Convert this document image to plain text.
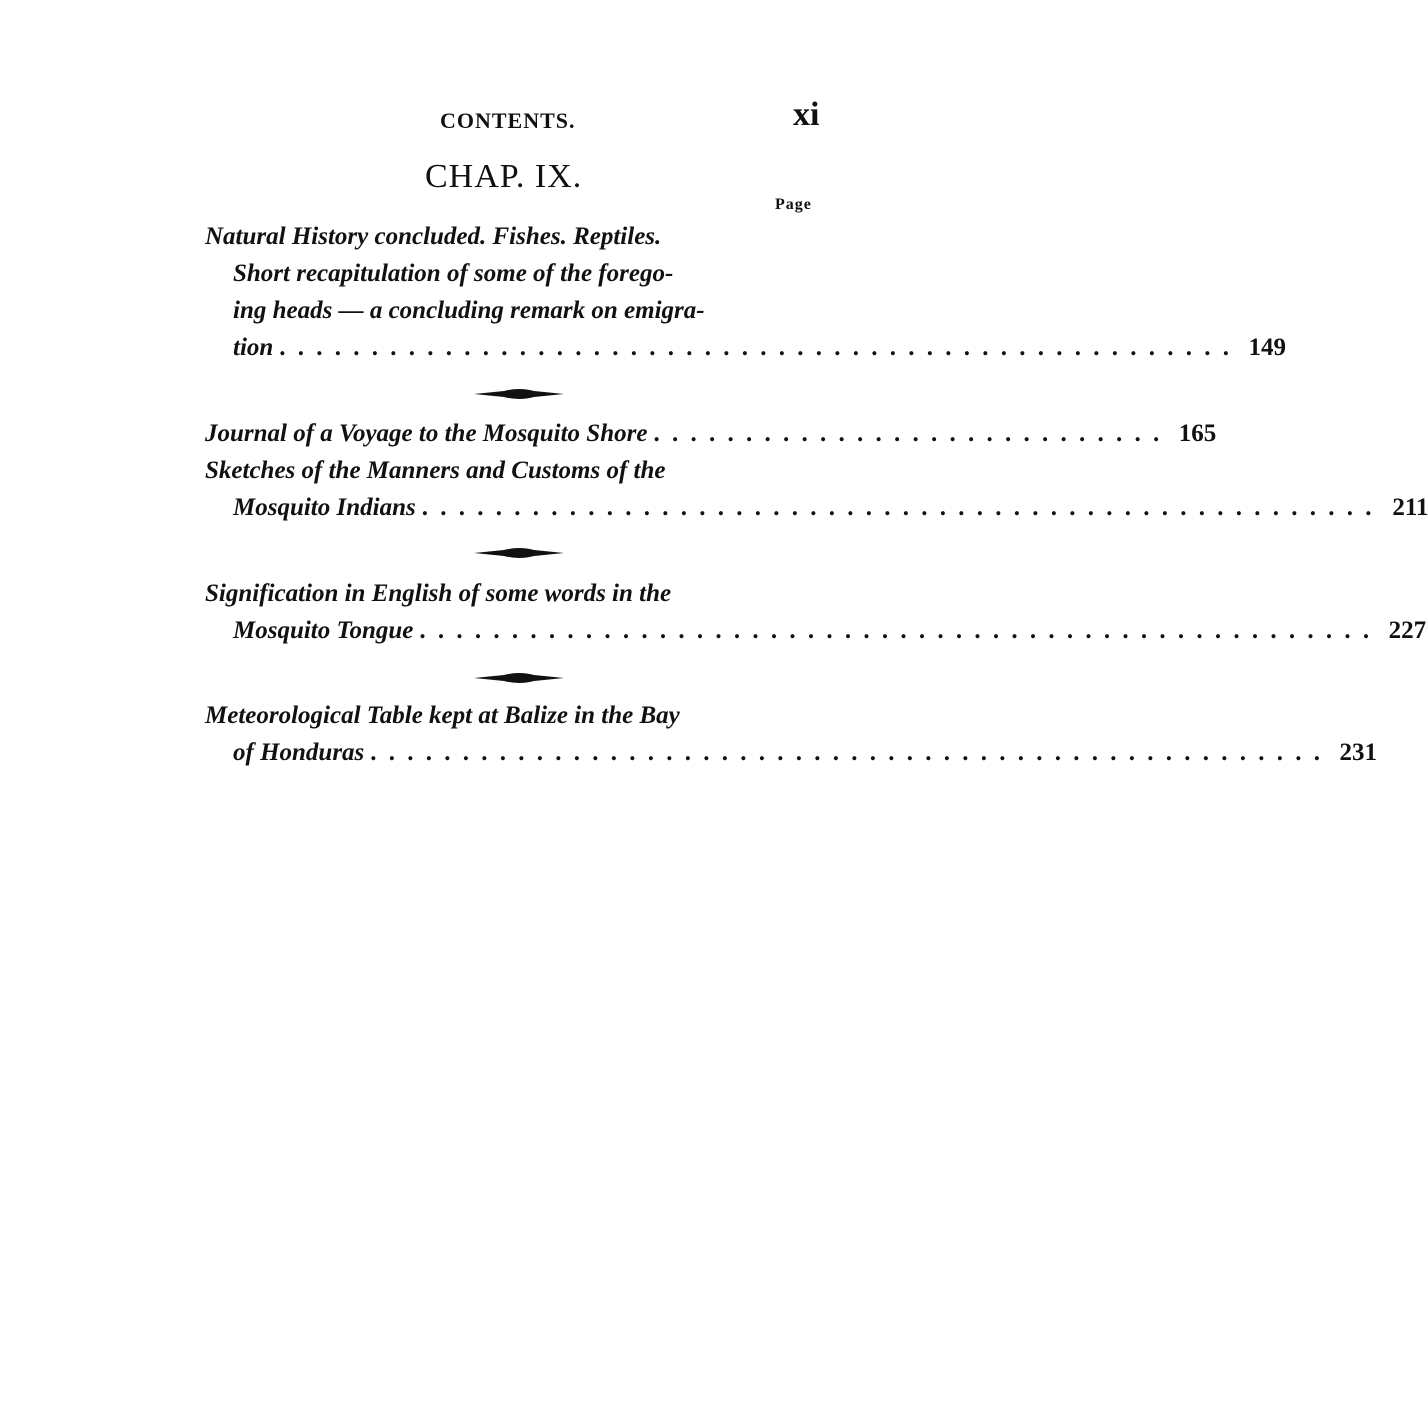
CONTENTS.	xi
CHAP. IX.
Page
Natural History concluded. Fishes. Reptiles.
Short recapitulation of some of the forego-
ing heads — a concluding remark on emigra-
tion . . . . . . . . . . . . . . . . . . . . . . . . . . . . . . . . . . . . . . . . . . . . . . . . . . . . 149
Journal of a Voyage to the Mosquito Shore . . . . . . . . . . . . . . . . . . . . . . . . . . . . 165
Sketches of the Manners and Customs of the
Mosquito Indians . . . . . . . . . . . . . . . . . . . . . . . . . . . . . . . . . . . . . . . . . . . . . . . . . . . . 211
Signification in English of some words in the
Mosquito Tongue . . . . . . . . . . . . . . . . . . . . . . . . . . . . . . . . . . . . . . . . . . . . . . . . . . . . 227
Meteorological Table kept at Balize in the Bay
of Honduras . . . . . . . . . . . . . . . . . . . . . . . . . . . . . . . . . . . . . . . . . . . . . . . . . . . . 231
